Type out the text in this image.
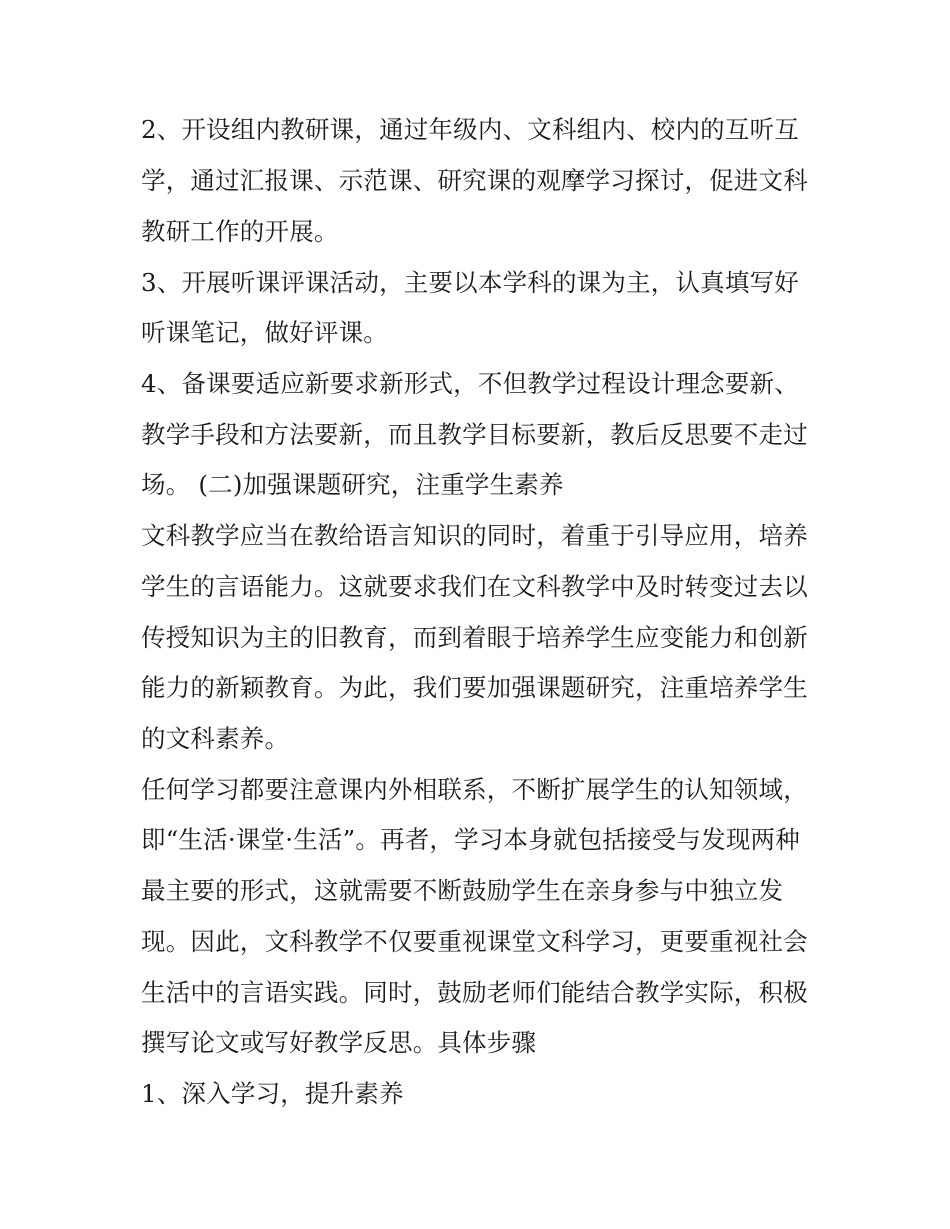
2、开设组内教研课，通过年级内、文科组内、校内的互听互
学，通过汇报课、示范课、研究课的观摩学习探讨，促进文科
教研工作的开展。
3、开展听课评课活动，主要以本学科的课为主，认真填写好
听课笔记，做好评课。
4、备课要适应新要求新形式，不但教学过程设计理念要新、
教学手段和方法要新，而且教学目标要新，教后反思要不走过
场。 (二)加强课题研究，注重学生素养
文科教学应当在教给语言知识的同时，着重于引导应用，培养
学生的言语能力。这就要求我们在文科教学中及时转变过去以
传授知识为主的旧教育，而到着眼于培养学生应变能力和创新
能力的新颖教育。为此，我们要加强课题研究，注重培养学生
的文科素养。
任何学习都要注意课内外相联系，不断扩展学生的认知领域，
即“生活·课堂·生活”。再者，学习本身就包括接受与发现两种
最主要的形式，这就需要不断鼓励学生在亲身参与中独立发
现。因此，文科教学不仅要重视课堂文科学习，更要重视社会
生活中的言语实践。同时，鼓励老师们能结合教学实际，积极
撰写论文或写好教学反思。具体步骤
1、深入学习，提升素养
